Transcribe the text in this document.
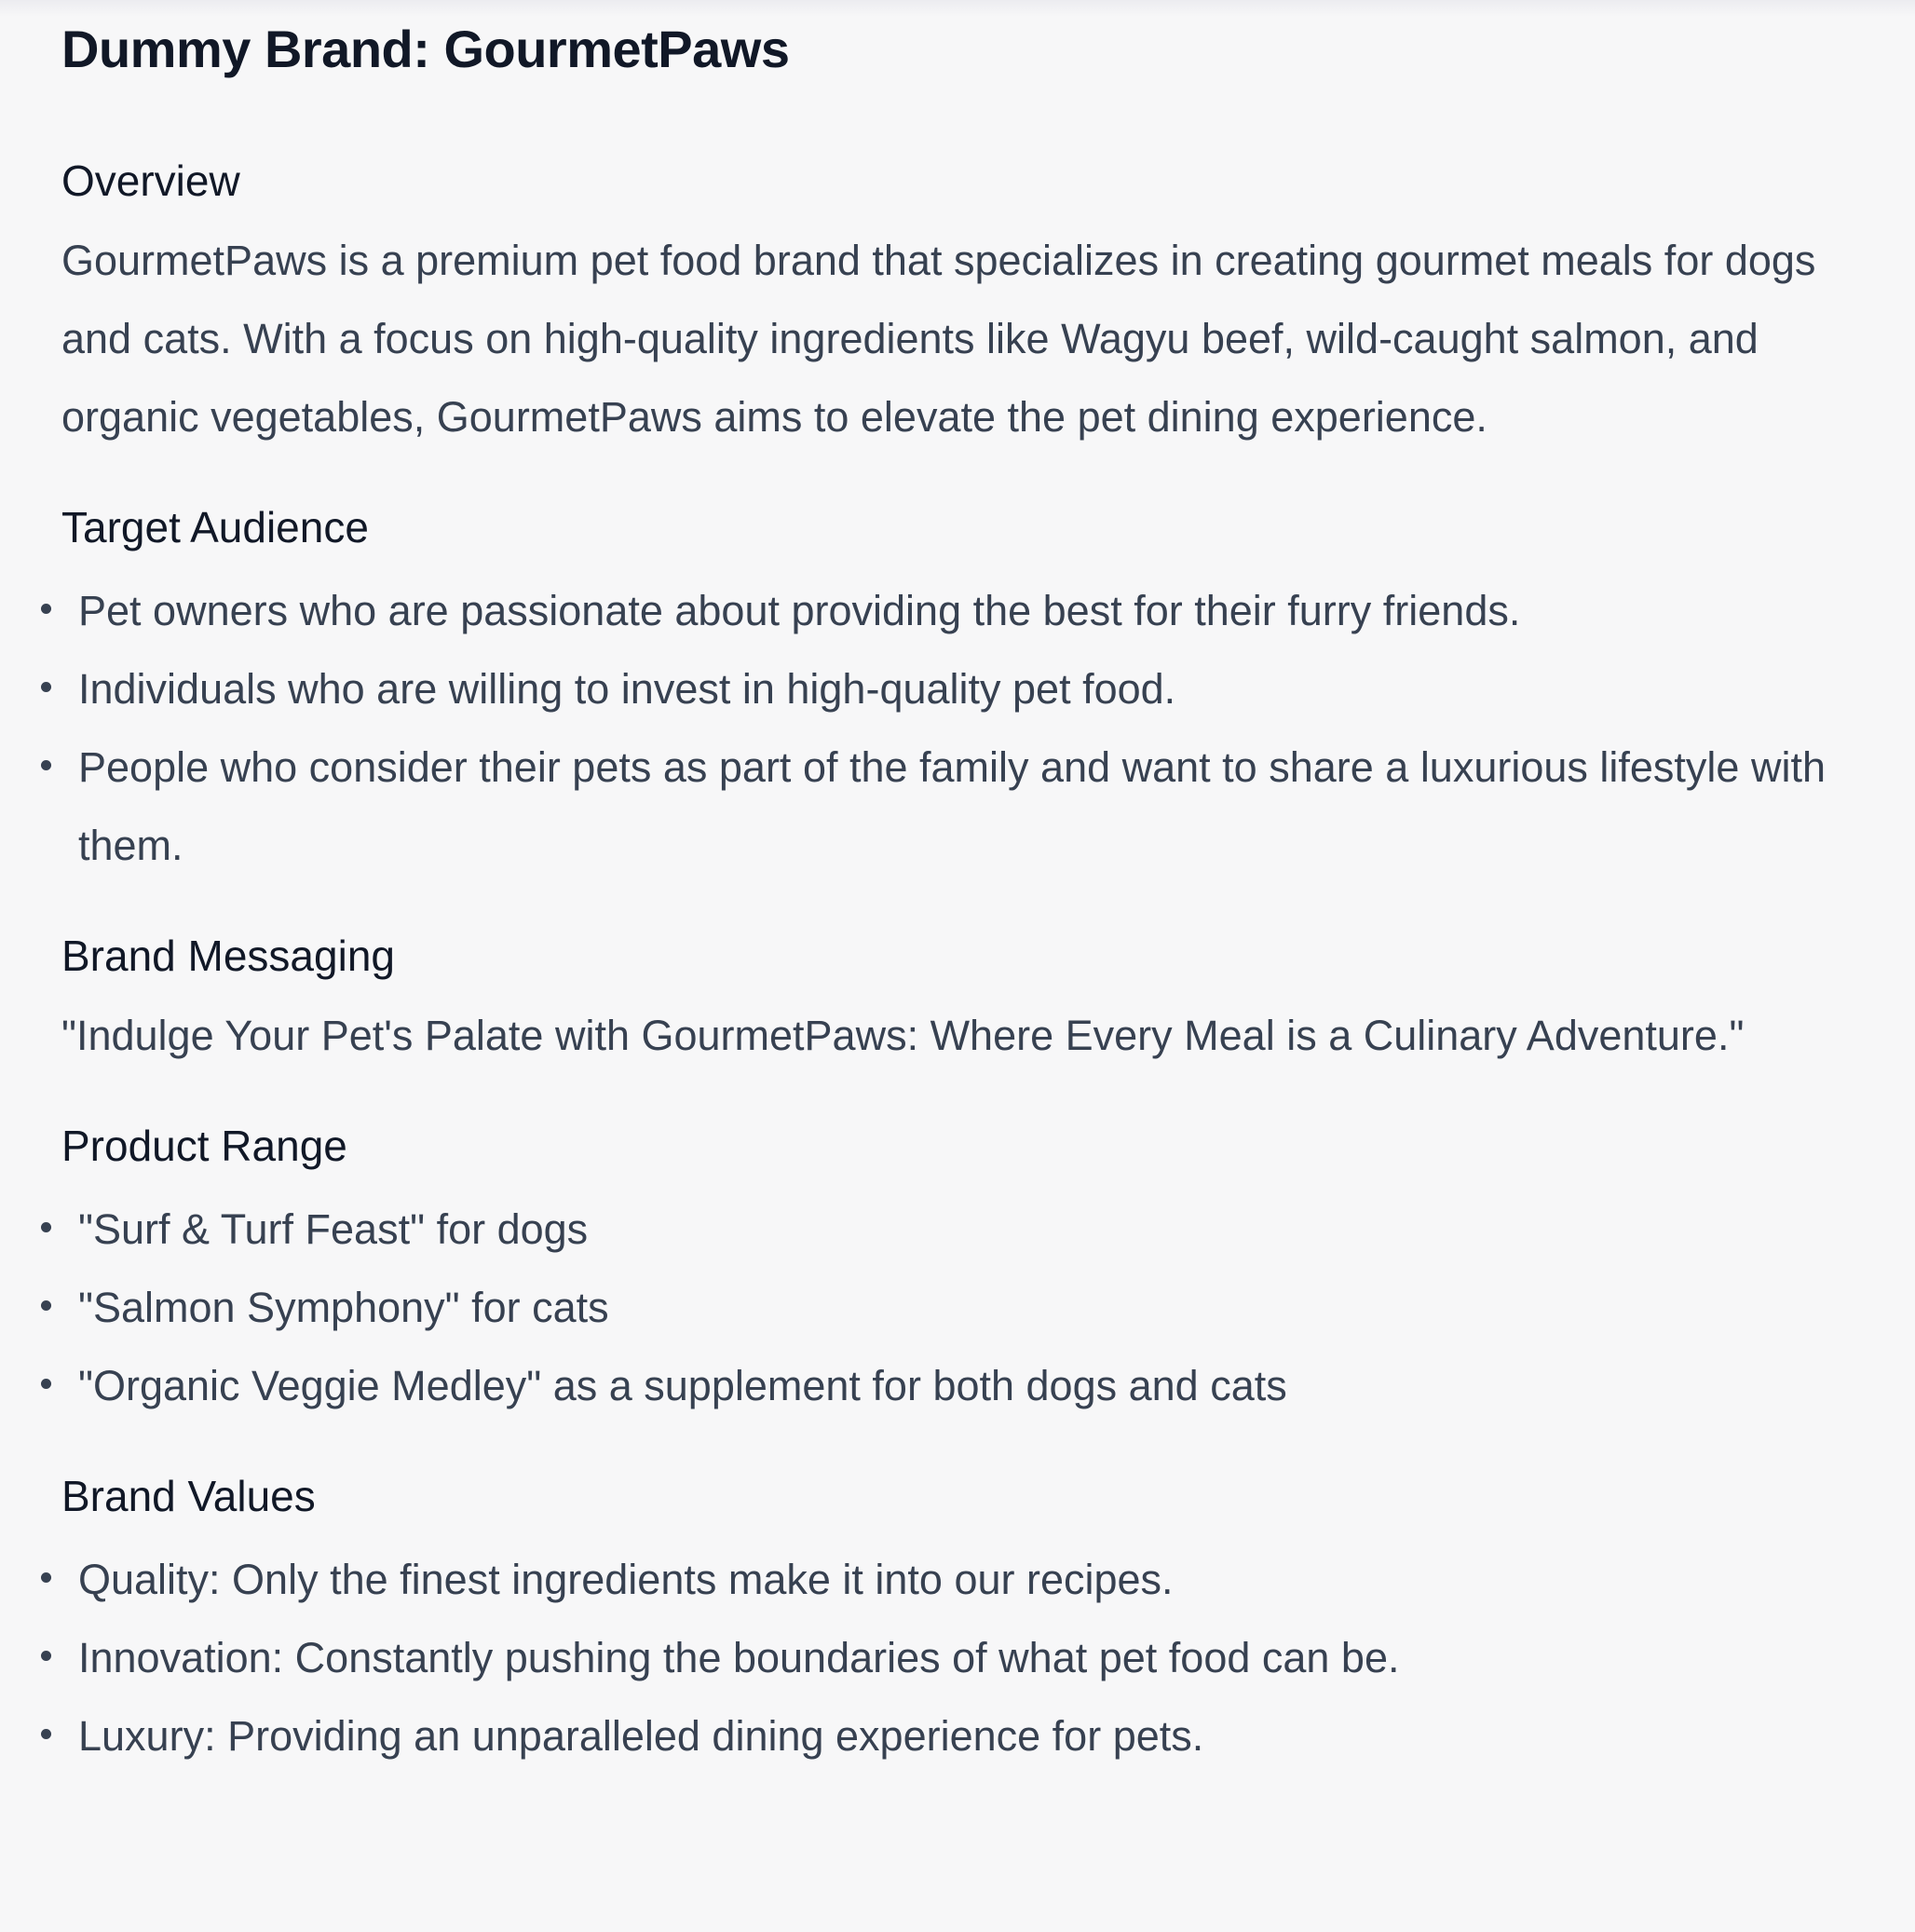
Dummy Brand: GourmetPaws
Overview

GourmetPaws is a premium pet food brand that specializes in creating gourmet meals for dogs and cats. With a focus on high-quality ingredients like Wagyu beef, wild-caught salmon, and organic vegetables, GourmetPaws aims to elevate the pet dining experience.

Target Audience
Pet owners who are passionate about providing the best for their furry friends.
Individuals who are willing to invest in high-quality pet food.
People who consider their pets as part of the family and want to share a luxurious lifestyle with them.
Brand Messaging

"Indulge Your Pet's Palate with GourmetPaws: Where Every Meal is a Culinary Adventure."

Product Range
"Surf & Turf Feast" for dogs
"Salmon Symphony" for cats
"Organic Veggie Medley" as a supplement for both dogs and cats
Brand Values
Quality: Only the finest ingredients make it into our recipes.
Innovation: Constantly pushing the boundaries of what pet food can be.
Luxury: Providing an unparalleled dining experience for pets.
